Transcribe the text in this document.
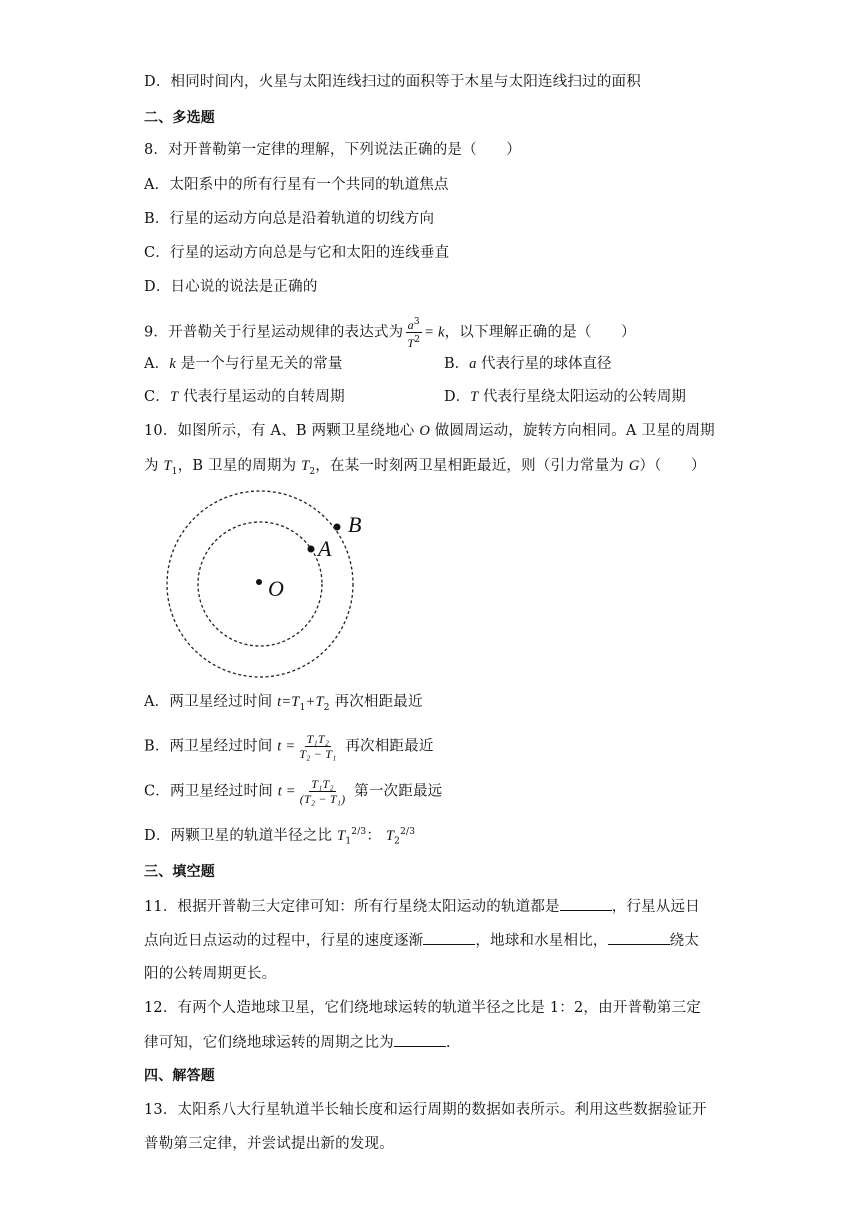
D．相同时间内，火星与太阳连线扫过的面积等于木星与太阳连线扫过的面积
二、多选题
8．对开普勒第一定律的理解，下列说法正确的是（　　）
A．太阳系中的所有行星有一个共同的轨道焦点
B．行星的运动方向总是沿着轨道的切线方向
C．行星的运动方向总是与它和太阳的连线垂直
D．日心说的说法是正确的
9．开普勒关于行星运动规律的表达式为 $\frac{a^3}{T^2} = k$，以下理解正确的是（　　）
A．k 是一个与行星无关的常量	B．a 代表行星的球体直径
C．T 代表行星运动的自转周期	D．T 代表行星绕太阳运动的公转周期
10．如图所示，有 A、B 两颗卫星绕地心 O 做圆周运动，旋转方向相同。A 卫星的周期
为 $T_1$，B 卫星的周期为 $T_2$，在某一时刻两卫星相距最近，则（引力常量为 G）（　　）
O
A
B
A．两卫星经过时间 $t=T_1+T_2$ 再次相距最近
B．两卫星经过时间 $t = \frac{\text{T₁T₂}}{\text{T₂ − T₁}}$ 再次相距最近
C．两卫星经过时间 $t = \frac{\text{T₁T₂}}{\text{(T₂ − T₁)}}$ 第一次距最远
D．两颗卫星的轨道半径之比 $T_1^{2/3}$： $T_2^{2/3}$
三、填空题
11．根据开普勒三大定律可知：所有行星绕太阳运动的轨道都是	，行星从远日
点向近日点运动的过程中，行星的速度逐渐	，地球和水星相比，	绕太
阳的公转周期更长。
12．有两个人造地球卫星，它们绕地球运转的轨道半径之比是 1：2，由开普勒第三定
律可知，它们绕地球运转的周期之比为	.
四、解答题
13．太阳系八大行星轨道半长轴长度和运行周期的数据如表所示。利用这些数据验证开
普勒第三定律，并尝试提出新的发现。
